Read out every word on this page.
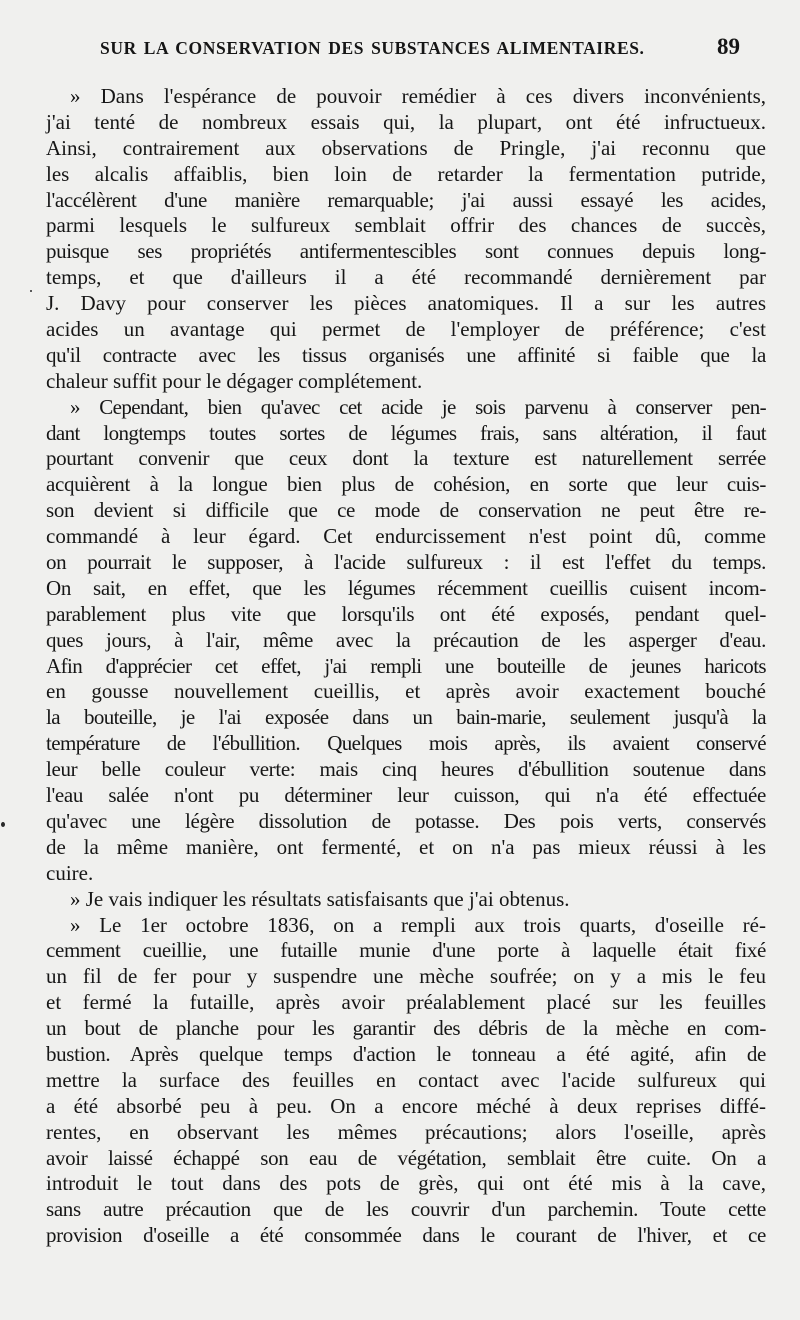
SUR LA CONSERVATION DES SUBSTANCES ALIMENTAIRES.	89
» Dans l'espérance de pouvoir remédier à ces divers inconvénients,
j'ai tenté de nombreux essais qui, la plupart, ont été infructueux.
Ainsi, contrairement aux observations de Pringle, j'ai reconnu que
les alcalis affaiblis, bien loin de retarder la fermentation putride,
l'accélèrent d'une manière remarquable; j'ai aussi essayé les acides,
parmi lesquels le sulfureux semblait offrir des chances de succès,
puisque ses propriétés antifermentescibles sont connues depuis long-
temps, et que d'ailleurs il a été recommandé dernièrement par
J. Davy pour conserver les pièces anatomiques. Il a sur les autres
acides un avantage qui permet de l'employer de préférence; c'est
qu'il contracte avec les tissus organisés une affinité si faible que la
chaleur suffit pour le dégager complétement.
» Cependant, bien qu'avec cet acide je sois parvenu à conserver pen-
dant longtemps toutes sortes de légumes frais, sans altération, il faut
pourtant convenir que ceux dont la texture est naturellement serrée
acquièrent à la longue bien plus de cohésion, en sorte que leur cuis-
son devient si difficile que ce mode de conservation ne peut être re-
commandé à leur égard. Cet endurcissement n'est point dû, comme
on pourrait le supposer, à l'acide sulfureux : il est l'effet du temps.
On sait, en effet, que les légumes récemment cueillis cuisent incom-
parablement plus vite que lorsqu'ils ont été exposés, pendant quel-
ques jours, à l'air, même avec la précaution de les asperger d'eau.
Afin d'apprécier cet effet, j'ai rempli une bouteille de jeunes haricots
en gousse nouvellement cueillis, et après avoir exactement bouché
la bouteille, je l'ai exposée dans un bain-marie, seulement jusqu'à la
température de l'ébullition. Quelques mois après, ils avaient conservé
leur belle couleur verte: mais cinq heures d'ébullition soutenue dans
l'eau salée n'ont pu déterminer leur cuisson, qui n'a été effectuée
qu'avec une légère dissolution de potasse. Des pois verts, conservés
de la même manière, ont fermenté, et on n'a pas mieux réussi à les
cuire.
» Je vais indiquer les résultats satisfaisants que j'ai obtenus.
» Le 1er octobre 1836, on a rempli aux trois quarts, d'oseille ré-
cemment cueillie, une futaille munie d'une porte à laquelle était fixé
un fil de fer pour y suspendre une mèche soufrée; on y a mis le feu
et fermé la futaille, après avoir préalablement placé sur les feuilles
un bout de planche pour les garantir des débris de la mèche en com-
bustion. Après quelque temps d'action le tonneau a été agité, afin de
mettre la surface des feuilles en contact avec l'acide sulfureux qui
a été absorbé peu à peu. On a encore méché à deux reprises diffé-
rentes, en observant les mêmes précautions; alors l'oseille, après
avoir laissé échappé son eau de végétation, semblait être cuite. On a
introduit le tout dans des pots de grès, qui ont été mis à la cave,
sans autre précaution que de les couvrir d'un parchemin. Toute cette
provision d'oseille a été consommée dans le courant de l'hiver, et ce
